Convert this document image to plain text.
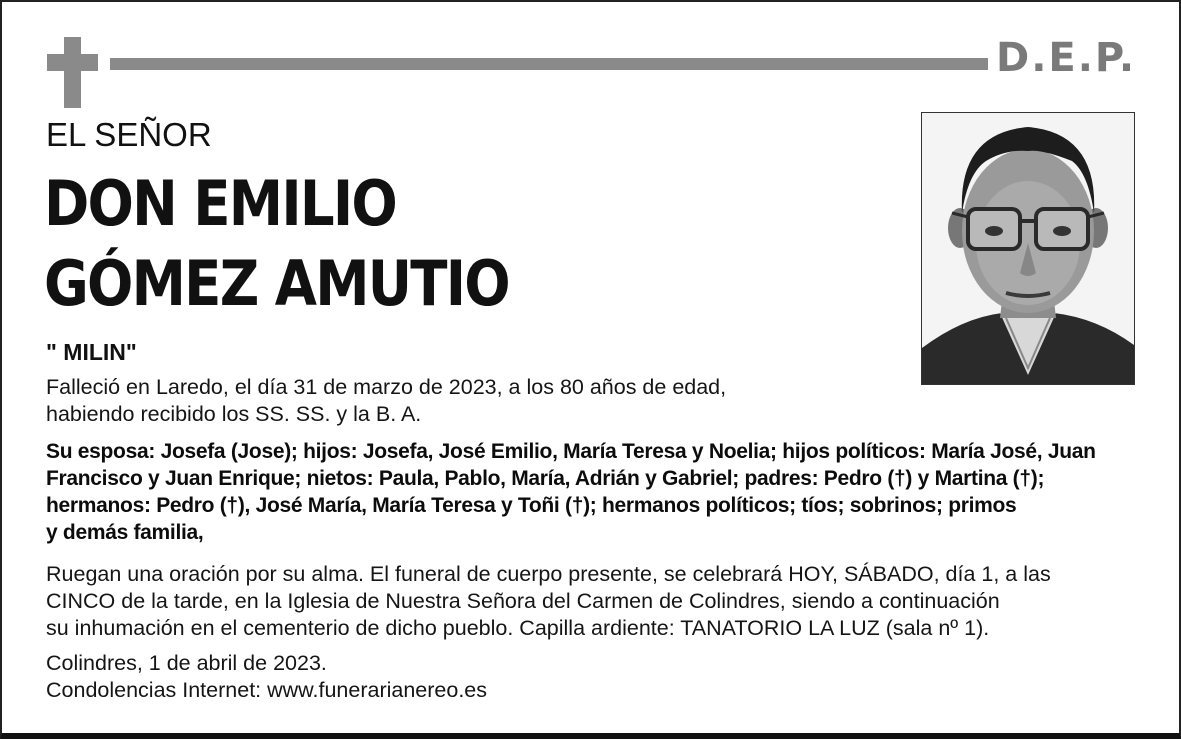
D.E.P.
EL SEÑOR
DON EMILIO
GÓMEZ AMUTIO
" MILIN"
Falleció en Laredo, el día 31 de marzo de 2023, a los 80 años de edad,
habiendo recibido los SS. SS. y la B. A.
Su esposa: Josefa (Jose); hijos: Josefa, José Emilio, María Teresa y Noelia; hijos políticos: María José, Juan
Francisco y Juan Enrique; nietos: Paula, Pablo, María, Adrián y Gabriel; padres: Pedro (†) y Martina (†);
hermanos: Pedro (†), José María, María Teresa y Toñi (†); hermanos políticos; tíos; sobrinos; primos
y demás familia,
Ruegan una oración por su alma. El funeral de cuerpo presente, se celebrará HOY, SÁBADO, día 1, a las
CINCO de la tarde, en la Iglesia de Nuestra Señora del Carmen de Colindres, siendo a continuación
su inhumación en el cementerio de dicho pueblo. Capilla ardiente: TANATORIO LA LUZ (sala nº 1).
Colindres, 1 de abril de 2023.
Condolencias Internet: www.funerarianereo.es
